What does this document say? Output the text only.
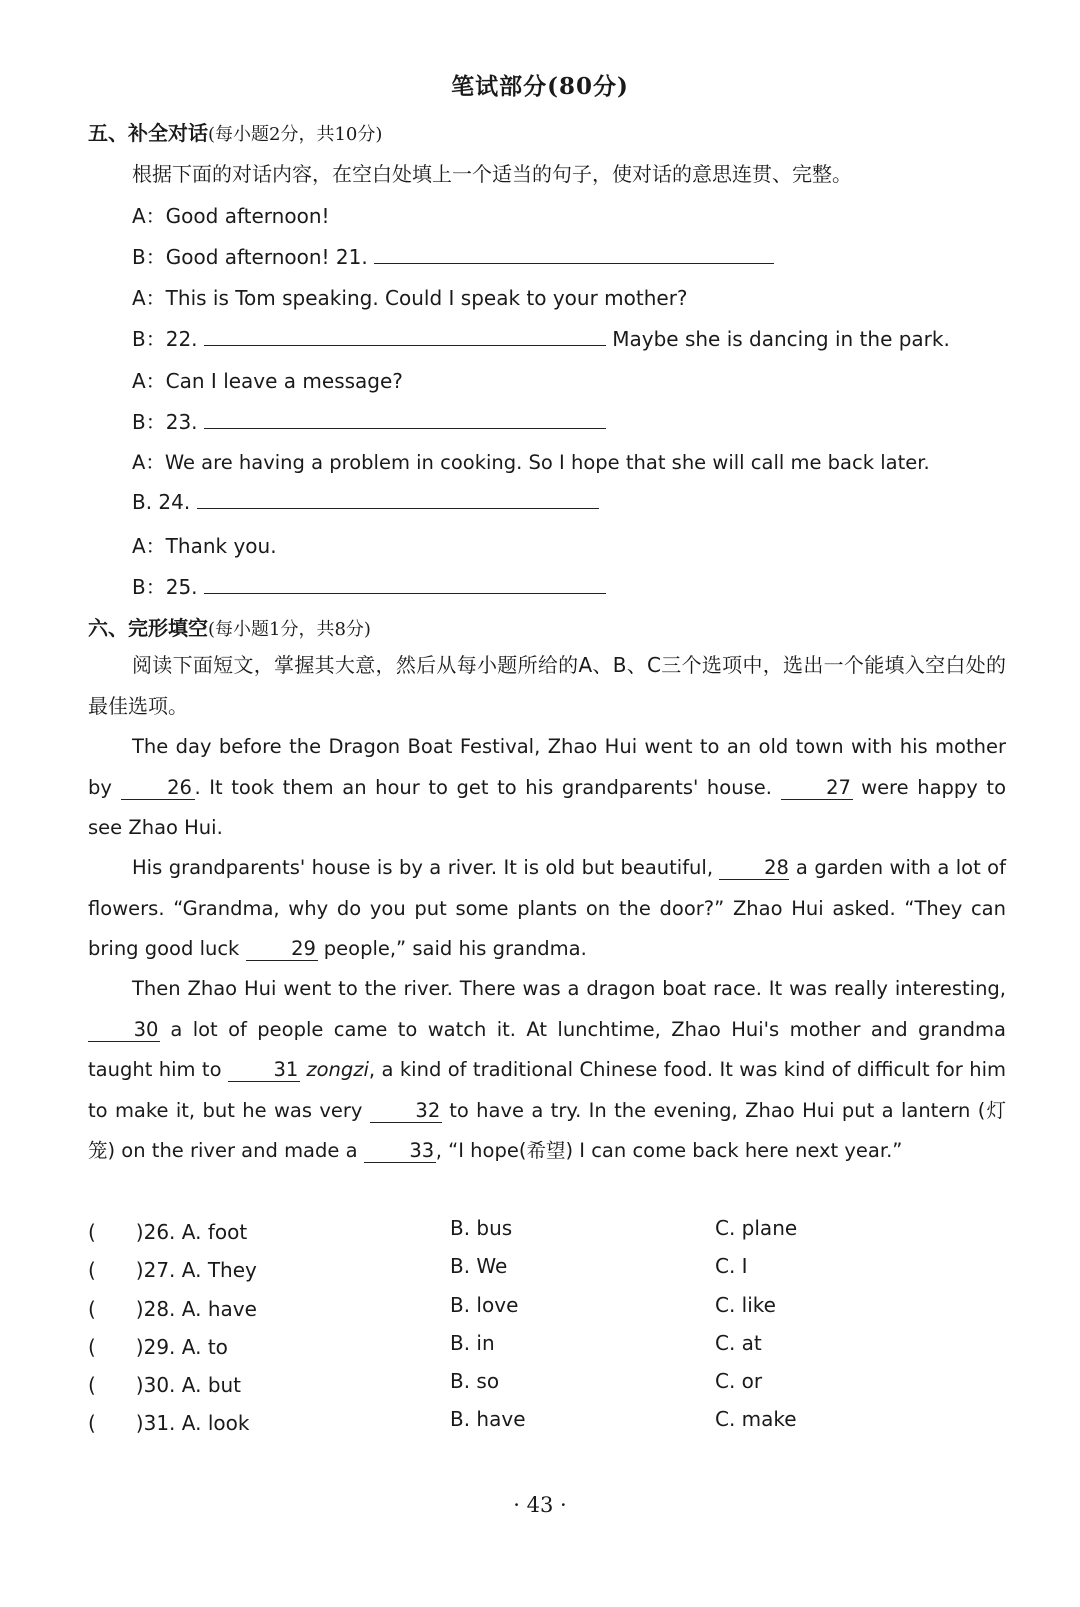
笔试部分(80分)
五、补全对话(每小题2分，共10分)
根据下面的对话内容，在空白处填上一个适当的句子，使对话的意思连贯、完整。
A：Good afternoon!
B：Good afternoon! 21.
A：This is Tom speaking. Could I speak to your mother?
B：22.	Maybe she is dancing in the park.
A：Can I leave a message?
B：23.
A：We are having a problem in cooking. So I hope that she will call me back later.
B. 24.
A：Thank you.
B：25.
六、完形填空(每小题1分，共8分)
阅读下面短文，掌握其大意，然后从每小题所给的A、B、C三个选项中，选出一个能填入空白处的最佳选项。
The day before the Dragon Boat Festival, Zhao Hui went to an old town with his mother by 26 . It took them an hour to get to his grandparents' house. 27 were happy to see Zhao Hui.
His grandparents' house is by a river. It is old but beautiful, 28 a garden with a lot of flowers. “Grandma, why do you put some plants on the door?” Zhao Hui asked. “They can bring good luck 29 people,” said his grandma.
Then Zhao Hui went to the river. There was a dragon boat race. It was really interesting, 30 a lot of people came to watch it. At lunchtime, Zhao Hui's mother and grandma taught him to 31 zongzi, a kind of traditional Chinese food. It was kind of difficult for him to make it, but he was very 32 to have a try. In the evening, Zhao Hui put a lantern (灯笼) on the river and made a 33, “I hope(希望) I can come back here next year.”
(　　)26. A. foot	B. bus	C. plane
(　　)27. A. They	B. We	C. I
(　　)28. A. have	B. love	C. like
(　　)29. A. to	B. in	C. at
(　　)30. A. but	B. so	C. or
(　　)31. A. look	B. have	C. make
· 43 ·
